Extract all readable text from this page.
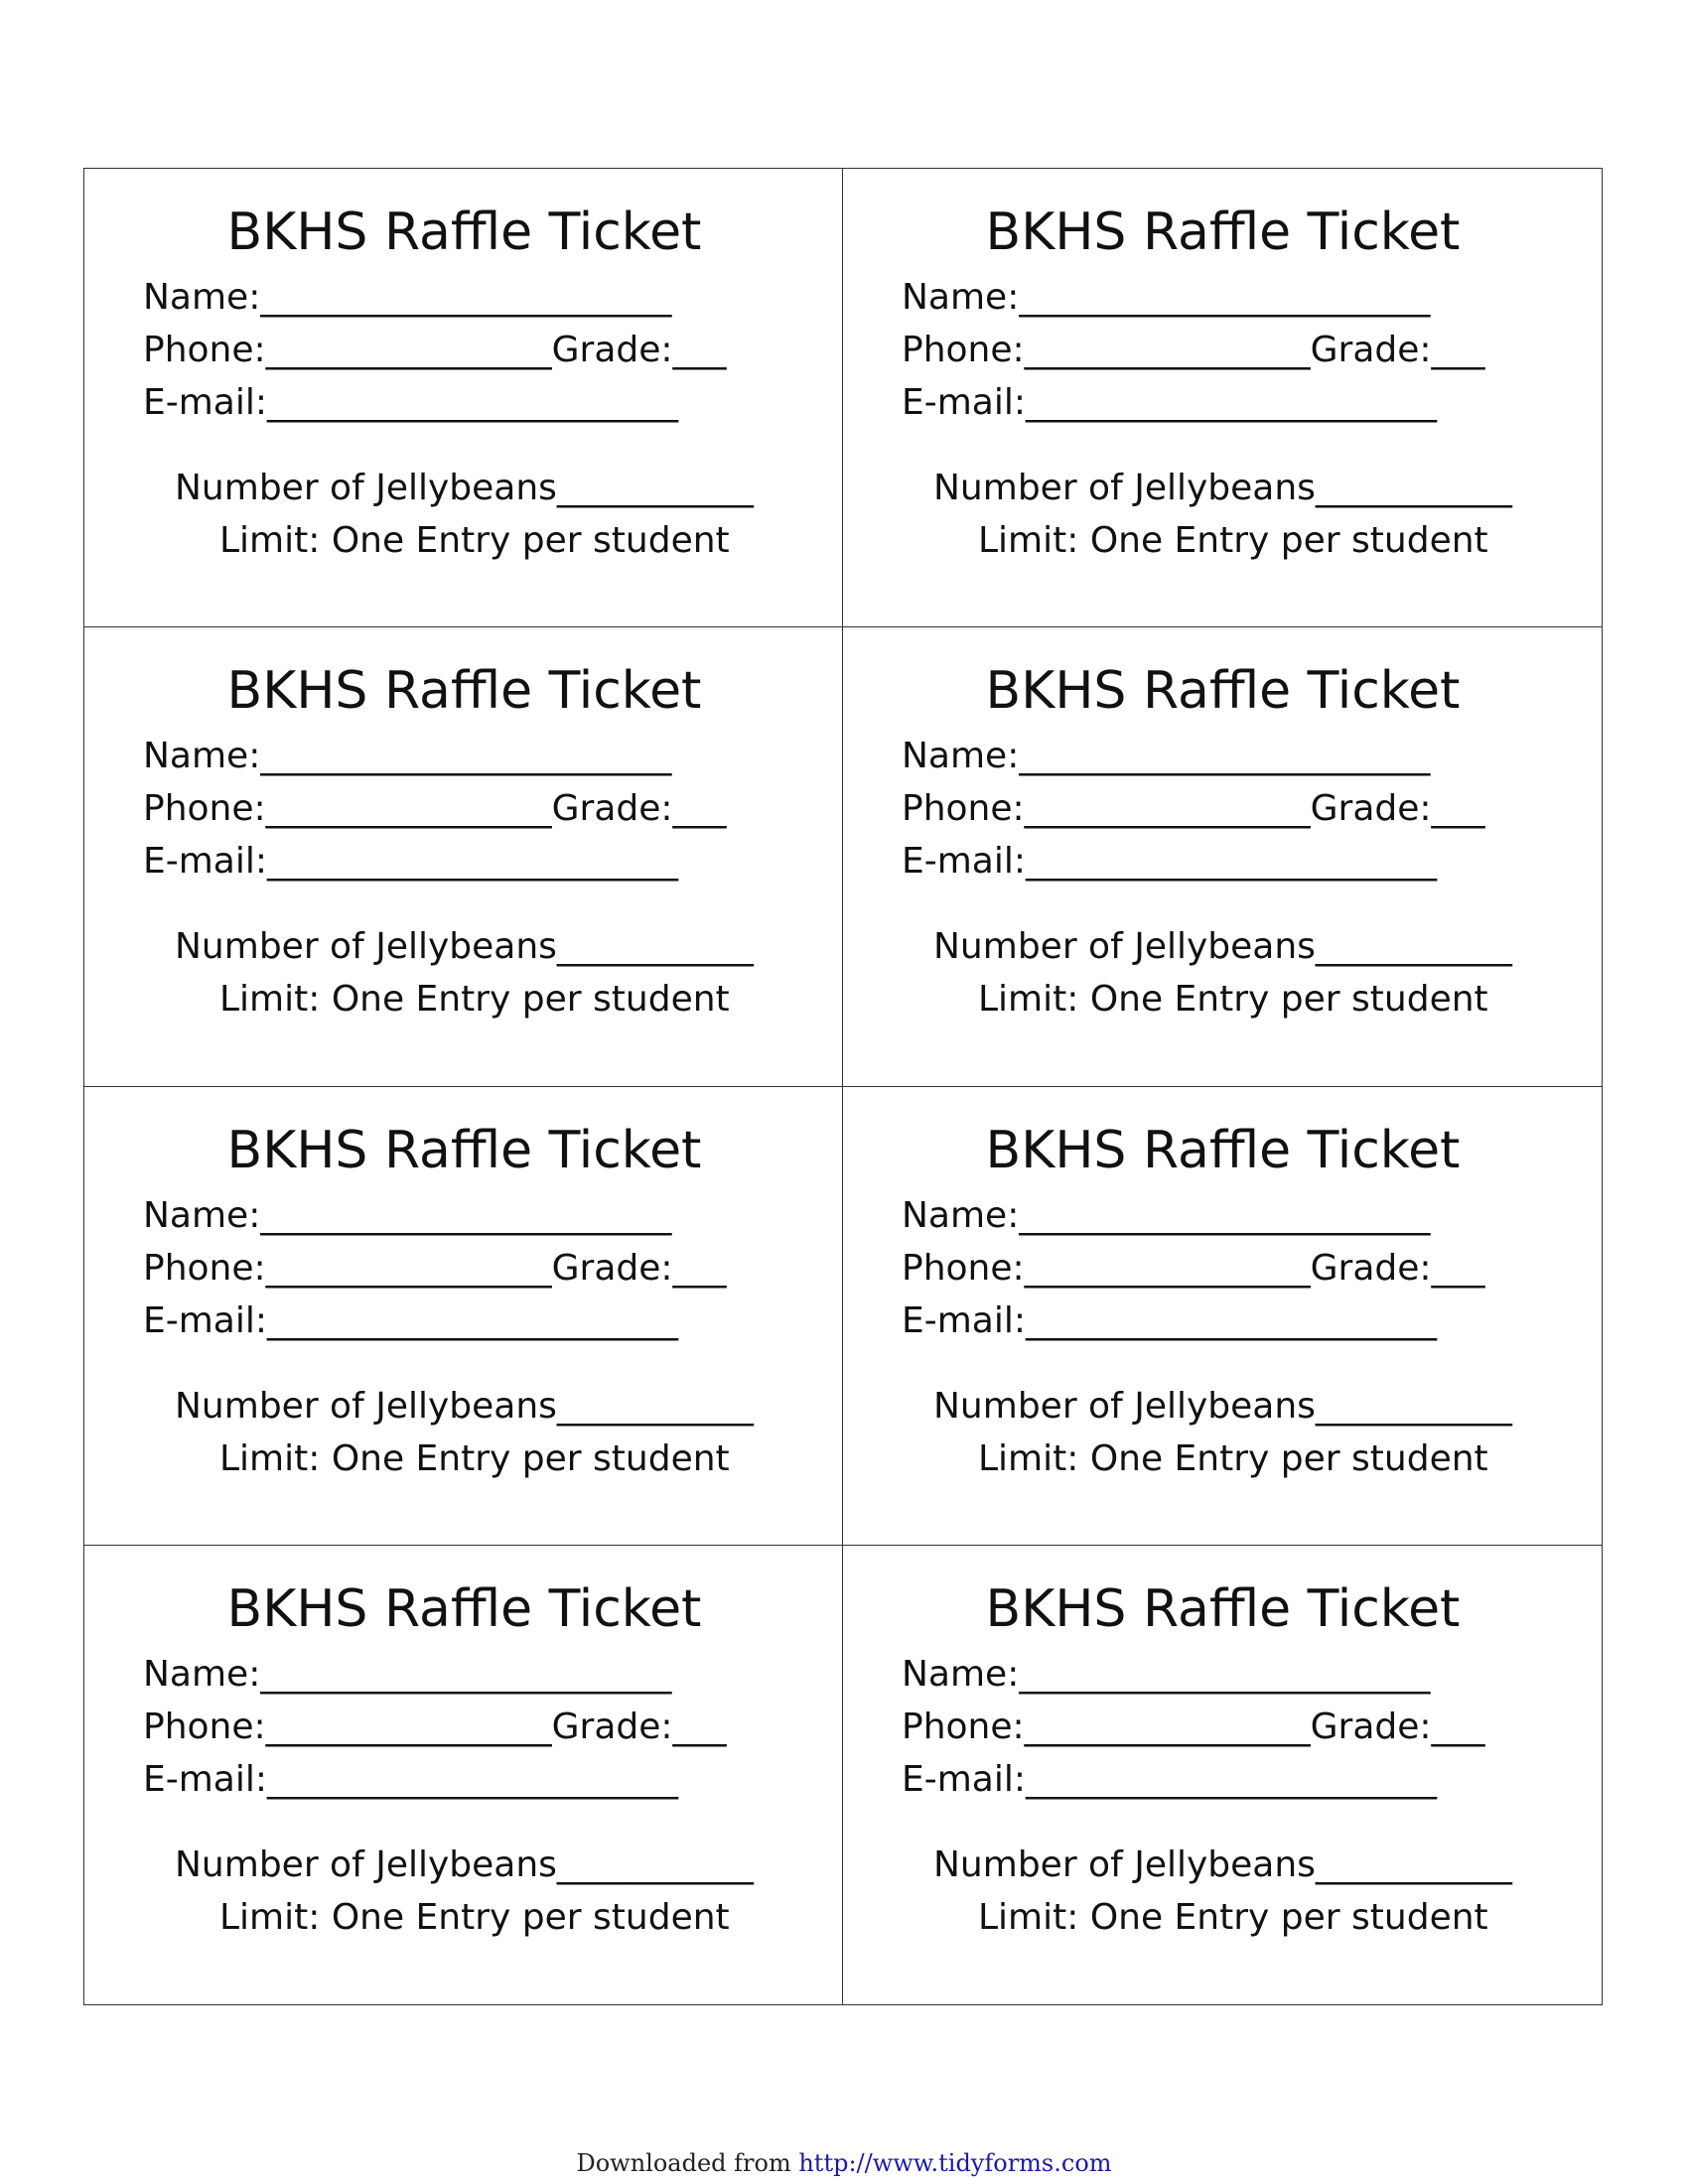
BKHS Raffle Ticket
Name:_______________________
Phone:________________Grade:___
E-mail:_______________________
Number of Jellybeans___________
Limit: One Entry per student
BKHS Raffle Ticket
Name:_______________________
Phone:________________Grade:___
E-mail:_______________________
Number of Jellybeans___________
Limit: One Entry per student
BKHS Raffle Ticket
Name:_______________________
Phone:________________Grade:___
E-mail:_______________________
Number of Jellybeans___________
Limit: One Entry per student
BKHS Raffle Ticket
Name:_______________________
Phone:________________Grade:___
E-mail:_______________________
Number of Jellybeans___________
Limit: One Entry per student
BKHS Raffle Ticket
Name:_______________________
Phone:________________Grade:___
E-mail:_______________________
Number of Jellybeans___________
Limit: One Entry per student
BKHS Raffle Ticket
Name:_______________________
Phone:________________Grade:___
E-mail:_______________________
Number of Jellybeans___________
Limit: One Entry per student
BKHS Raffle Ticket
Name:_______________________
Phone:________________Grade:___
E-mail:_______________________
Number of Jellybeans___________
Limit: One Entry per student
BKHS Raffle Ticket
Name:_______________________
Phone:________________Grade:___
E-mail:_______________________
Number of Jellybeans___________
Limit: One Entry per student
Downloaded from http://www.tidyforms.com
